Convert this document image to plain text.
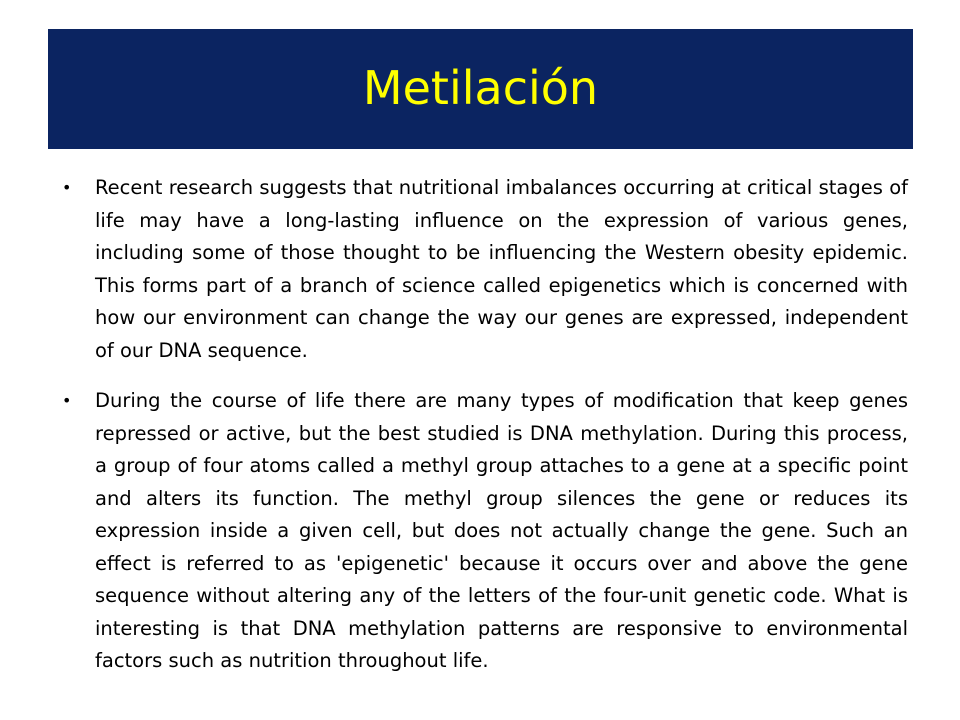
Metilación
• Recent research suggests that nutritional imbalances occurring at critical stages of life may have a long-lasting influence on the expression of various genes, including some of those thought to be influencing the Western obesity epidemic. This forms part of a branch of science called epigenetics which is concerned with how our environment can change the way our genes are expressed, independent of our DNA sequence.
• During the course of life there are many types of modification that keep genes repressed or active, but the best studied is DNA methylation. During this process, a group of four atoms called a methyl group attaches to a gene at a specific point and alters its function. The methyl group silences the gene or reduces its expression inside a given cell, but does not actually change the gene. Such an effect is referred to as 'epigenetic' because it occurs over and above the gene sequence without altering any of the letters of the four-unit genetic code. What is interesting is that DNA methylation patterns are responsive to environmental factors such as nutrition throughout life.
